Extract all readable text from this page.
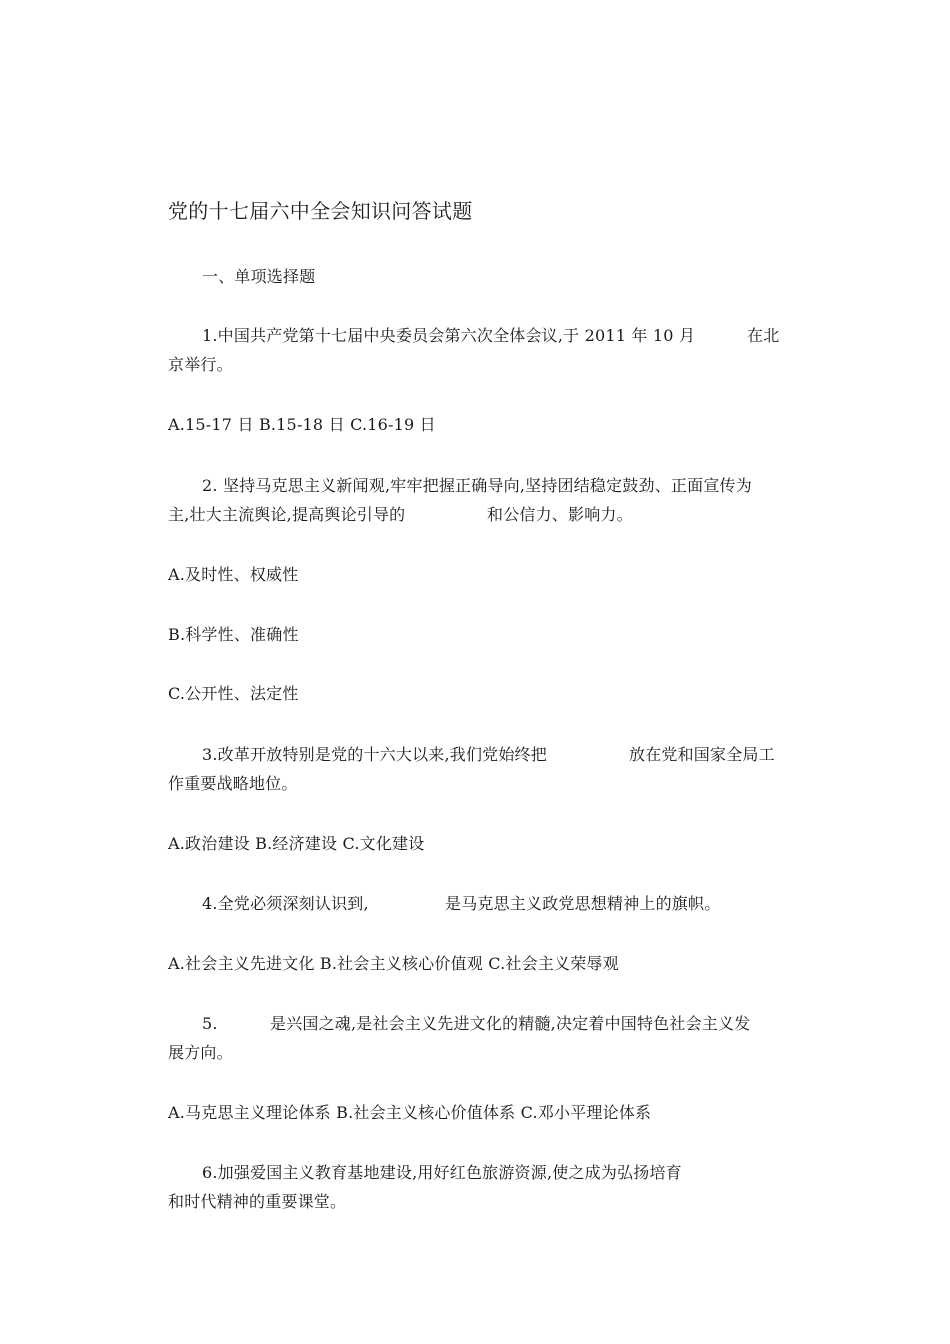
党的十七届六中全会知识问答试题
一、单项选择题
1.中国共产党第十七届中央委员会第六次全体会议,于 2011 年 10 月	在北
京举行。
A.15-17 日 B.15-18 日 C.16-19 日
2. 坚持马克思主义新闻观,牢牢把握正确导向,坚持团结稳定鼓劲、正面宣传为
主,壮大主流舆论,提高舆论引导的	和公信力、影响力。
A.及时性、权威性
B.科学性、准确性
C.公开性、法定性
3.改革开放特别是党的十六大以来,我们党始终把	放在党和国家全局工
作重要战略地位。
A.政治建设 B.经济建设 C.文化建设
4.全党必须深刻认识到,	是马克思主义政党思想精神上的旗帜。
A.社会主义先进文化 B.社会主义核心价值观 C.社会主义荣辱观
5.	是兴国之魂,是社会主义先进文化的精髓,决定着中国特色社会主义发
展方向。
A.马克思主义理论体系 B.社会主义核心价值体系 C.邓小平理论体系
6.加强爱国主义教育基地建设,用好红色旅游资源,使之成为弘扬培育
和时代精神的重要课堂。
